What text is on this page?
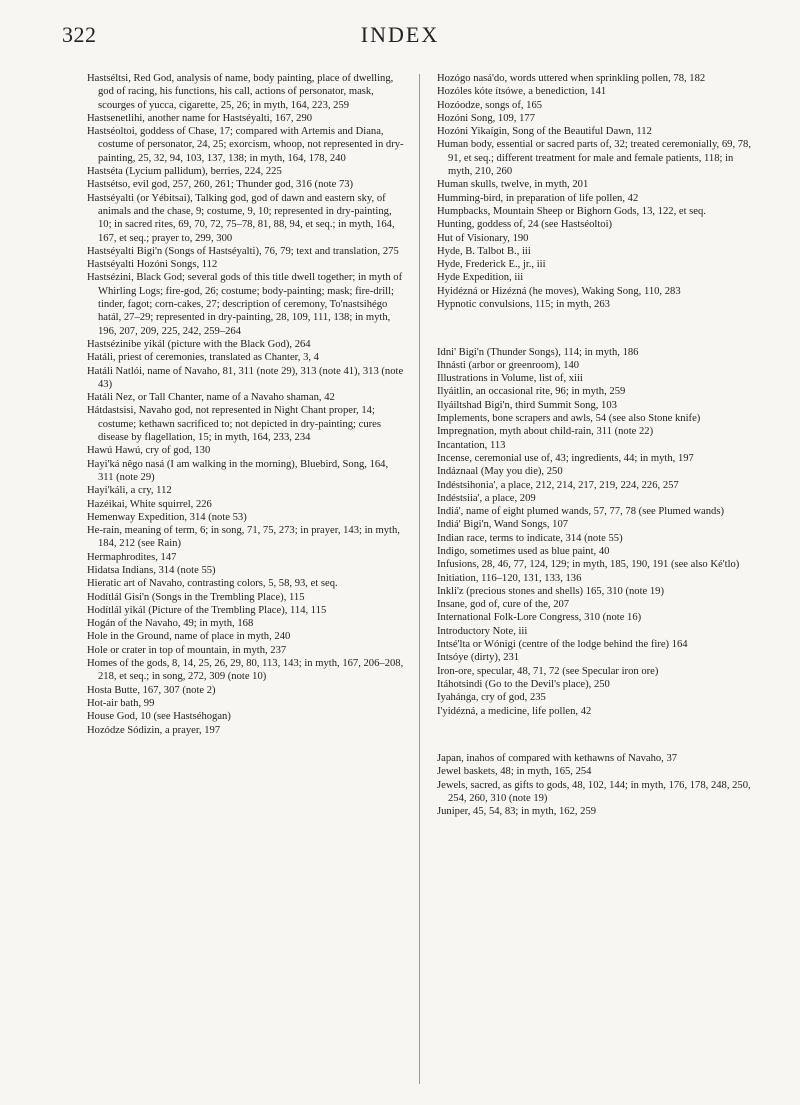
322	INDEX

Hastséltsi, Red God, analysis of name, body painting, place of dwelling, god of racing, his functions, his call, actions of personator, mask, scourges of yucca, cigarette, 25, 26; in myth, 164, 223, 259

Hastsenetlihi, another name for Hastséyalti, 167, 290

Hastséoltoi, goddess of Chase, 17; compared with Artemis and Diana, costume of personator, 24, 25; exorcism, whoop, not represented in dry-painting, 25, 32, 94, 103, 137, 138; in myth, 164, 178, 240

Hastséta (Lycium pallidum), berries, 224, 225

Hastsétso, evil god, 257, 260, 261; Thunder god, 316 (note 73)

Hastséyalti (or Yébitsai), Talking god, god of dawn and eastern sky, of animals and the chase, 9; costume, 9, 10; represented in dry-painting, 10; in sacred rites, 69, 70, 72, 75–78, 81, 88, 94, et seq.; in myth, 164, 167, et seq.; prayer to, 299, 300

Hastséyalti Bigi'n (Songs of Hastséyalti), 76, 79; text and translation, 275

Hastséyalti Hozóni Songs, 112

Hastsézini, Black God; several gods of this title dwell together; in myth of Whirling Logs; fire-god, 26; costume; body-painting; mask; fire-drill; tinder, fagot; corn-cakes, 27; description of ceremony, To'nastsihégo hatál, 27–29; represented in dry-painting, 28, 109, 111, 138; in myth, 196, 207, 209, 225, 242, 259–264

Hastsézinibe yikál (picture with the Black God), 264

Hatáli, priest of ceremonies, translated as Chanter, 3, 4

Hatáli Natlói, name of Navaho, 81, 311 (note 29), 313 (note 41), 313 (note 43)

Hatáli Nez, or Tall Chanter, name of a Navaho shaman, 42

Hátdastsisi, Navaho god, not represented in Night Chant proper, 14; costume; kethawn sacrificed to; not depicted in dry-painting; cures disease by flagellation, 15; in myth, 164, 233, 234

Hawú Hawú, cry of god, 130

Hayi'ká nêgo nasá (I am walking in the morning), Bluebird, Song, 164, 311 (note 29)

Hayi'káli, a cry, 112

Hazéikai, White squirrel, 226

Hemenway Expedition, 314 (note 53)

He-rain, meaning of term, 6; in song, 71, 75, 273; in prayer, 143; in myth, 184, 212 (see Rain)

Hermaphrodites, 147

Hidatsa Indians, 314 (note 55)

Hieratic art of Navaho, contrasting colors, 5, 58, 93, et seq.

Hodítlál Gisi'n (Songs in the Trembling Place), 115

Hodítlál yikál (Picture of the Trembling Place), 114, 115

Hogán of the Navaho, 49; in myth, 168

Hole in the Ground, name of place in myth, 240

Hole or crater in top of mountain, in myth, 237

Homes of the gods, 8, 14, 25, 26, 29, 80, 113, 143; in myth, 167, 206–208, 218, et seq.; in song, 272, 309 (note 10)

Hosta Butte, 167, 307 (note 2)

Hot-air bath, 99

House God, 10 (see Hastséhogan)

Hozódze Sódizin, a prayer, 197

Hozógo nasá'do, words uttered when sprinkling pollen, 78, 182

Hozóles kóte ítsówe, a benediction, 141

Hozóodze, songs of, 165

Hozóni Song, 109, 177

Hozóni Yikaígin, Song of the Beautiful Dawn, 112

Human body, essential or sacred parts of, 32; treated ceremonially, 69, 78, 91, et seq.; different treatment for male and female patients, 118; in myth, 210, 260

Human skulls, twelve, in myth, 201

Humming-bird, in preparation of life pollen, 42

Humpbacks, Mountain Sheep or Bighorn Gods, 13, 122, et seq.

Hunting, goddess of, 24 (see Hastséoltoi)

Hut of Visionary, 190

Hyde, B. Talbot B., iii

Hyde, Frederick E., jr., iii

Hyde Expedition, iii

Hyidézná or Hizézná (he moves), Waking Song, 110, 283

Hypnotic convulsions, 115; in myth, 263

Idni' Bigi'n (Thunder Songs), 114; in myth, 186

Ihnásti (arbor or greenroom), 140

Illustrations in Volume, list of, xiii

Ilyáitlin, an occasional rite, 96; in myth, 259

Ilyáiltshad Bigi'n, third Summit Song, 103

Implements, bone scrapers and awls, 54 (see also Stone knife)

Impregnation, myth about child-rain, 311 (note 22)

Incantation, 113

Incense, ceremonial use of, 43; ingredients, 44; in myth, 197

Indáznaal (May you die), 250

Indéstsihonia', a place, 212, 214, 217, 219, 224, 226, 257

Indéstsiia', a place, 209

Indiá', name of eight plumed wands, 57, 77, 78 (see Plumed wands)

Indiá' Bigi'n, Wand Songs, 107

Indian race, terms to indicate, 314 (note 55)

Indigo, sometimes used as blue paint, 40

Infusions, 28, 46, 77, 124, 129; in myth, 185, 190, 191 (see also Ké'tlo)

Initiation, 116–120, 131, 133, 136

Inkli'z (precious stones and shells) 165, 310 (note 19)

Insane, god of, cure of the, 207

International Folk-Lore Congress, 310 (note 16)

Introductory Note, iii

Intsé'lta or Wónigi (centre of the lodge behind the fire) 164

Intsóye (dirty), 231

Iron-ore, specular, 48, 71, 72 (see Specular iron ore)

Itáhotsindi (Go to the Devil's place), 250

Iyahánga, cry of god, 235

I'yidézná, a medicine, life pollen, 42

Japan, inahos of compared with kethawns of Navaho, 37

Jewel baskets, 48; in myth, 165, 254

Jewels, sacred, as gifts to gods, 48, 102, 144; in myth, 176, 178, 248, 250, 254, 260, 310 (note 19)

Juniper, 45, 54, 83; in myth, 162, 259
